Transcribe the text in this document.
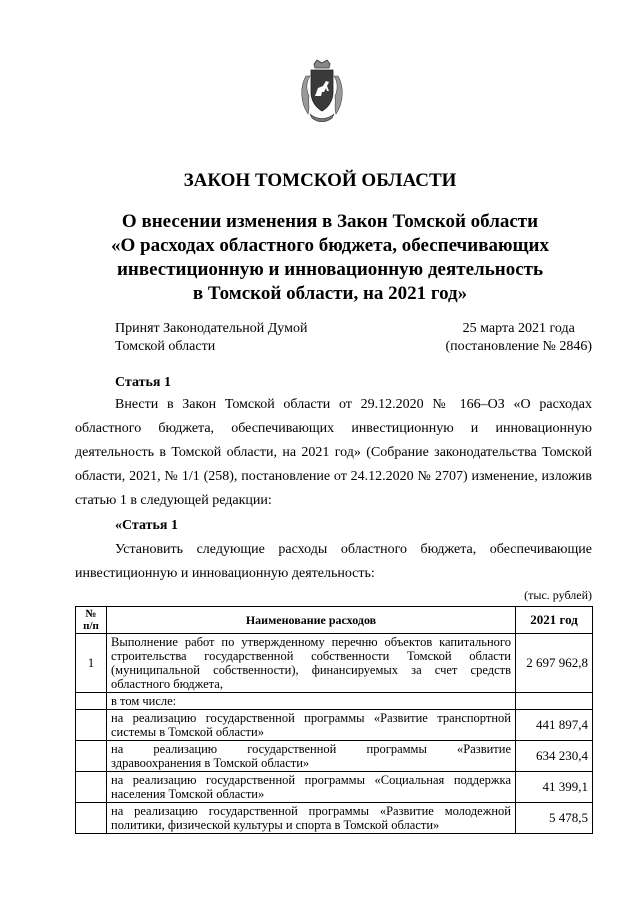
ЗАКОН ТОМСКОЙ ОБЛАСТИ
О внесении изменения в Закон Томской области
«О расходах областного бюджета, обеспечивающих
инвестиционную и инновационную деятельность
в Томской области, на 2021 год»
Принят Законодательной Думой
Томской области
25 марта 2021 года
(постановление № 2846)
Статья 1
Внести в Закон Томской области от 29.12.2020 № 166–ОЗ «О расходах
областного бюджета, обеспечивающих инвестиционную и инновационную
деятельность в Томской области, на 2021 год» (Собрание законодательства Томской
области, 2021, № 1/1 (258), постановление от 24.12.2020 № 2707) изменение, изложив
статью 1 в следующей редакции:
«Статья 1
Установить следующие расходы областного бюджета, обеспечивающие
инвестиционную и инновационную деятельность:
(тыс. рублей)
№
п/п	Наименование расходов	2021 год
1	Выполнение работ по утвержденному перечню объектов капитального
строительства государственной собственности Томской области
(муниципальной собственности), финансируемых за счет средств
областного бюджета,	2 697 962,8

	в том числе:	

	на реализацию государственной программы «Развитие транспортной
системы в Томской области»	441 897,4

	на реализацию государственной программы «Развитие
здравоохранения в Томской области»	634 230,4

	на реализацию государственной программы «Социальная поддержка
населения Томской области»	41 399,1

	на реализацию государственной программы «Развитие молодежной
политики, физической культуры и спорта в Томской области»	5 478,5
